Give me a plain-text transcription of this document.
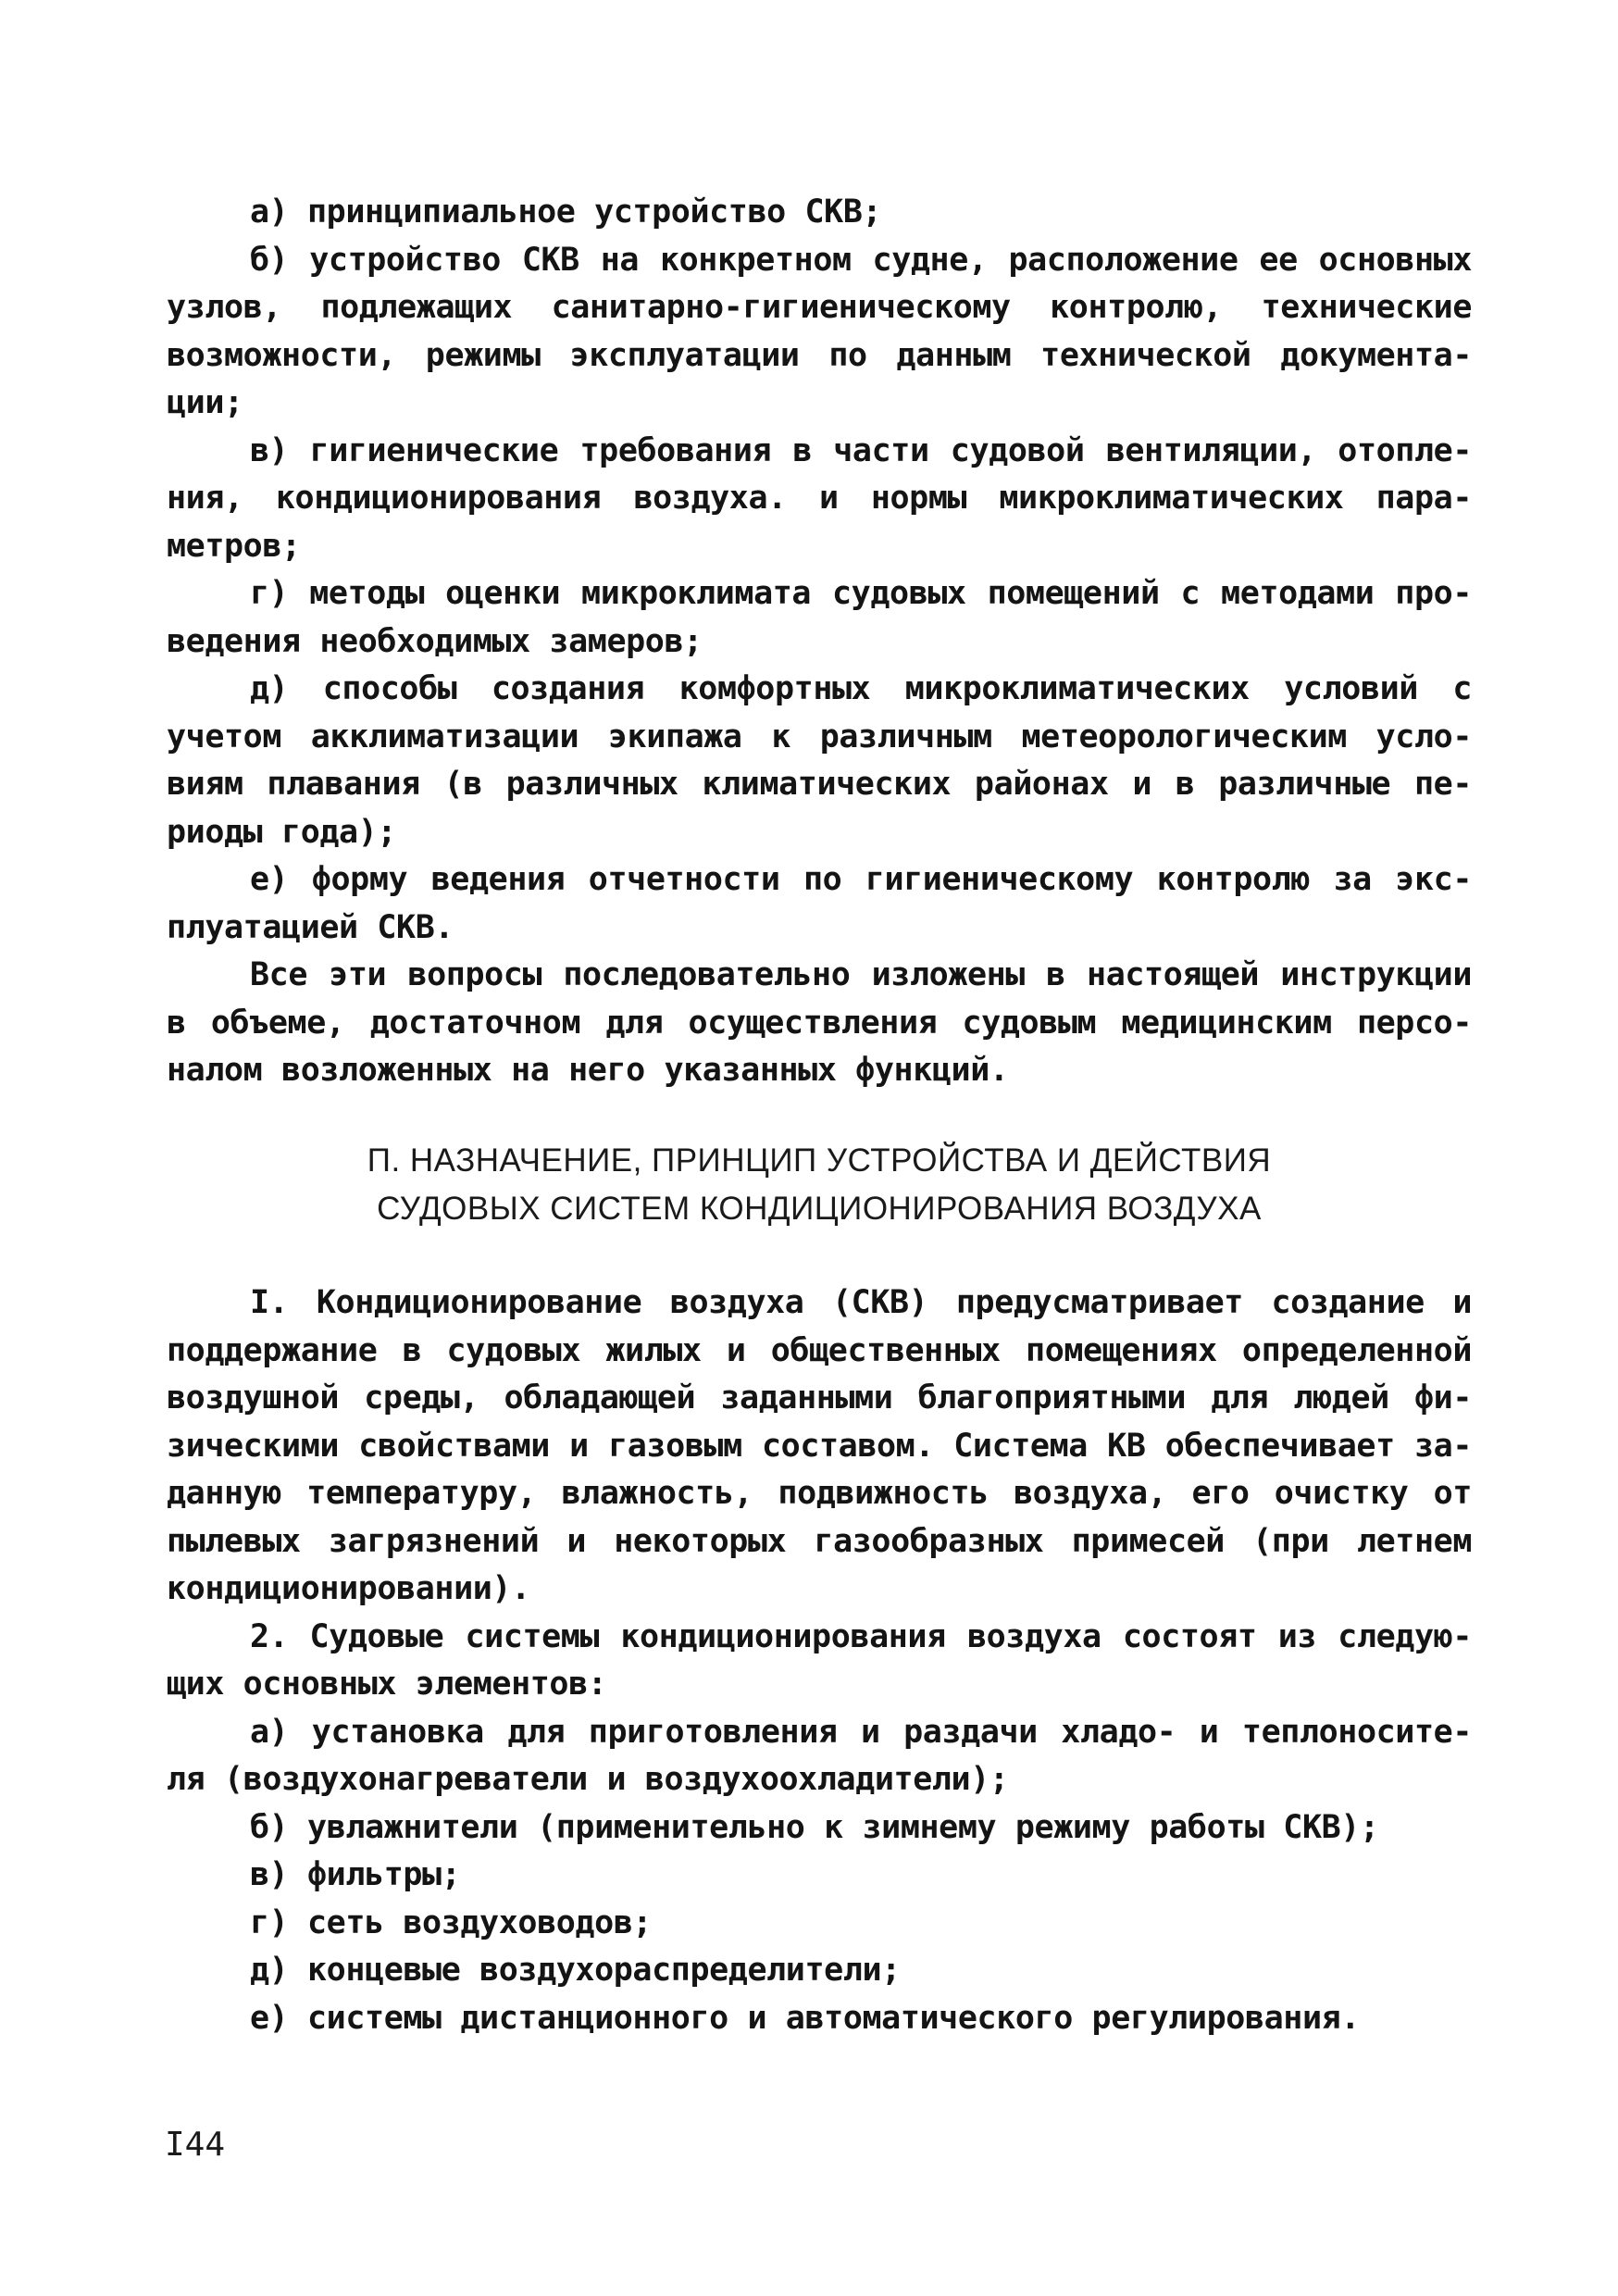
а) принципиальное устройство СКВ;
б) устройство СКВ на конкретном судне, расположение ее основных
узлов, подлежащих санитарно-гигиеническому контролю, технические
возможности, режимы эксплуатации по данным технической документа-
ции;
в) гигиенические требования в части судовой вентиляции, отопле-
ния, кондиционирования воздуха. и нормы микроклиматических пара-
метров;
г) методы оценки микроклимата судовых помещений с методами про-
ведения необходимых замеров;
д) способы создания комфортных микроклиматических условий с
учетом акклиматизации экипажа к различным метеорологическим усло-
виям плавания (в различных климатических районах и в различные пе-
риоды года);
е) форму ведения отчетности по гигиеническому контролю за экс-
плуатацией СКВ.
Все эти вопросы последовательно изложены в настоящей инструкции
в объеме, достаточном для осуществления судовым медицинским персо-
налом возложенных на него указанных функций.
П. НАЗНАЧЕНИЕ, ПРИНЦИП УСТРОЙСТВА И ДЕЙСТВИЯ
СУДОВЫХ СИСТЕМ КОНДИЦИОНИРОВАНИЯ ВОЗДУХА
I. Кондиционирование воздуха (СКВ) предусматривает создание и
поддержание в судовых жилых и общественных помещениях определенной
воздушной среды, обладающей заданными благоприятными для людей фи-
зическими свойствами и газовым составом. Система КВ обеспечивает за-
данную температуру, влажность, подвижность воздуха, его очистку от
пылевых загрязнений и некоторых газообразных примесей (при летнем
кондиционировании).
2. Судовые системы кондиционирования воздуха состоят из следую-
щих основных элементов:
а) установка для приготовления и раздачи хладо- и теплоносите-
ля (воздухонагреватели и воздухоохладители);
б) увлажнители (применительно к зимнему режиму работы СКВ);
в) фильтры;
г) сеть воздуховодов;
д) концевые воздухораспределители;
е) системы дистанционного и автоматического регулирования.
I44
